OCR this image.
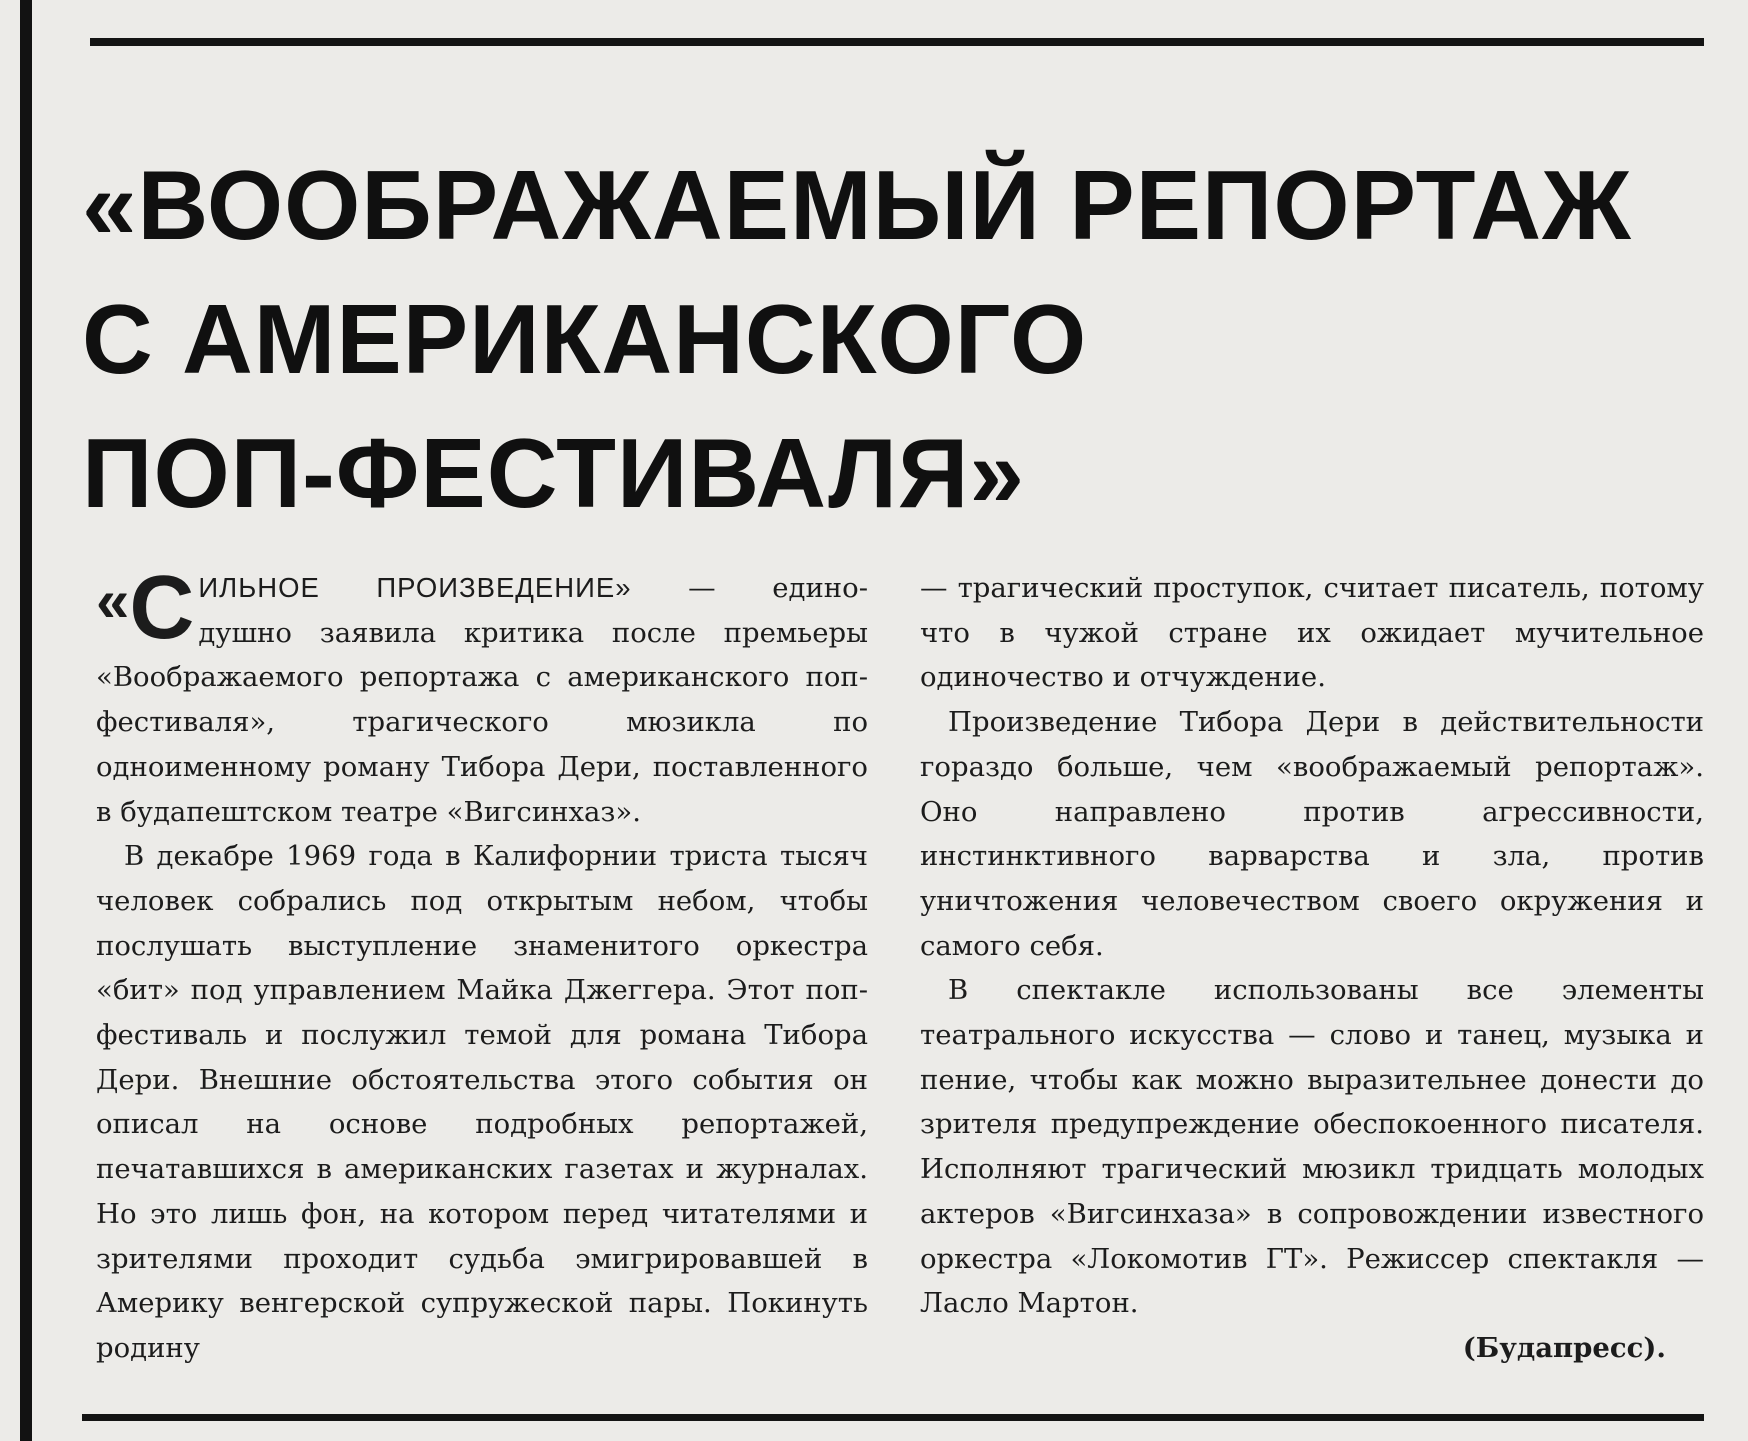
«ВООБРАЖАЕМЫЙ РЕПОРТАЖ
С АМЕРИКАНСКОГО
ПОП-ФЕСТИВАЛЯ»
« С ИЛЬНОЕ ПРОИЗВЕДЕНИЕ» — едино-

душно заявила критика после премьеры

«Воображаемого репортажа с американского поп-фестиваля», трагического мюзикла по одноименному роману Тибора Дери, поставленного в будапештском театре «Вигсинхаз».

В декабре 1969 года в Калифорнии триста тысяч человек собрались под открытым небом, чтобы послушать выступление знаменитого оркестра «бит» под управлением Майка Джеггера. Этот поп-фестиваль и послужил темой для романа Тибора Дери. Внешние обстоятельства этого события он описал на основе подробных репортажей, печатавшихся в американских газетах и журналах. Но это лишь фон, на котором перед читателями и зрителями проходит судьба эмигрировавшей в Америку венгерской супружеской пары. Покинуть родину

— трагический проступок, считает писатель, потому что в чужой стране их ожидает мучительное одиночество и отчуждение.

Произведение Тибора Дери в действительности гораздо больше, чем «воображаемый репортаж». Оно направлено против агрессивности, инстинктивного варварства и зла, против уничтожения человечеством своего окружения и самого себя.

В спектакле использованы все элементы театрального искусства — слово и танец, музыка и пение, чтобы как можно выразительнее донести до зрителя предупреждение обеспокоенного писателя. Исполняют трагический мюзикл тридцать молодых актеров «Вигсинхаза» в сопровождении известного оркестра «Локомотив ГТ». Режиссер спектакля — Ласло Мартон.

(Будапресс).
